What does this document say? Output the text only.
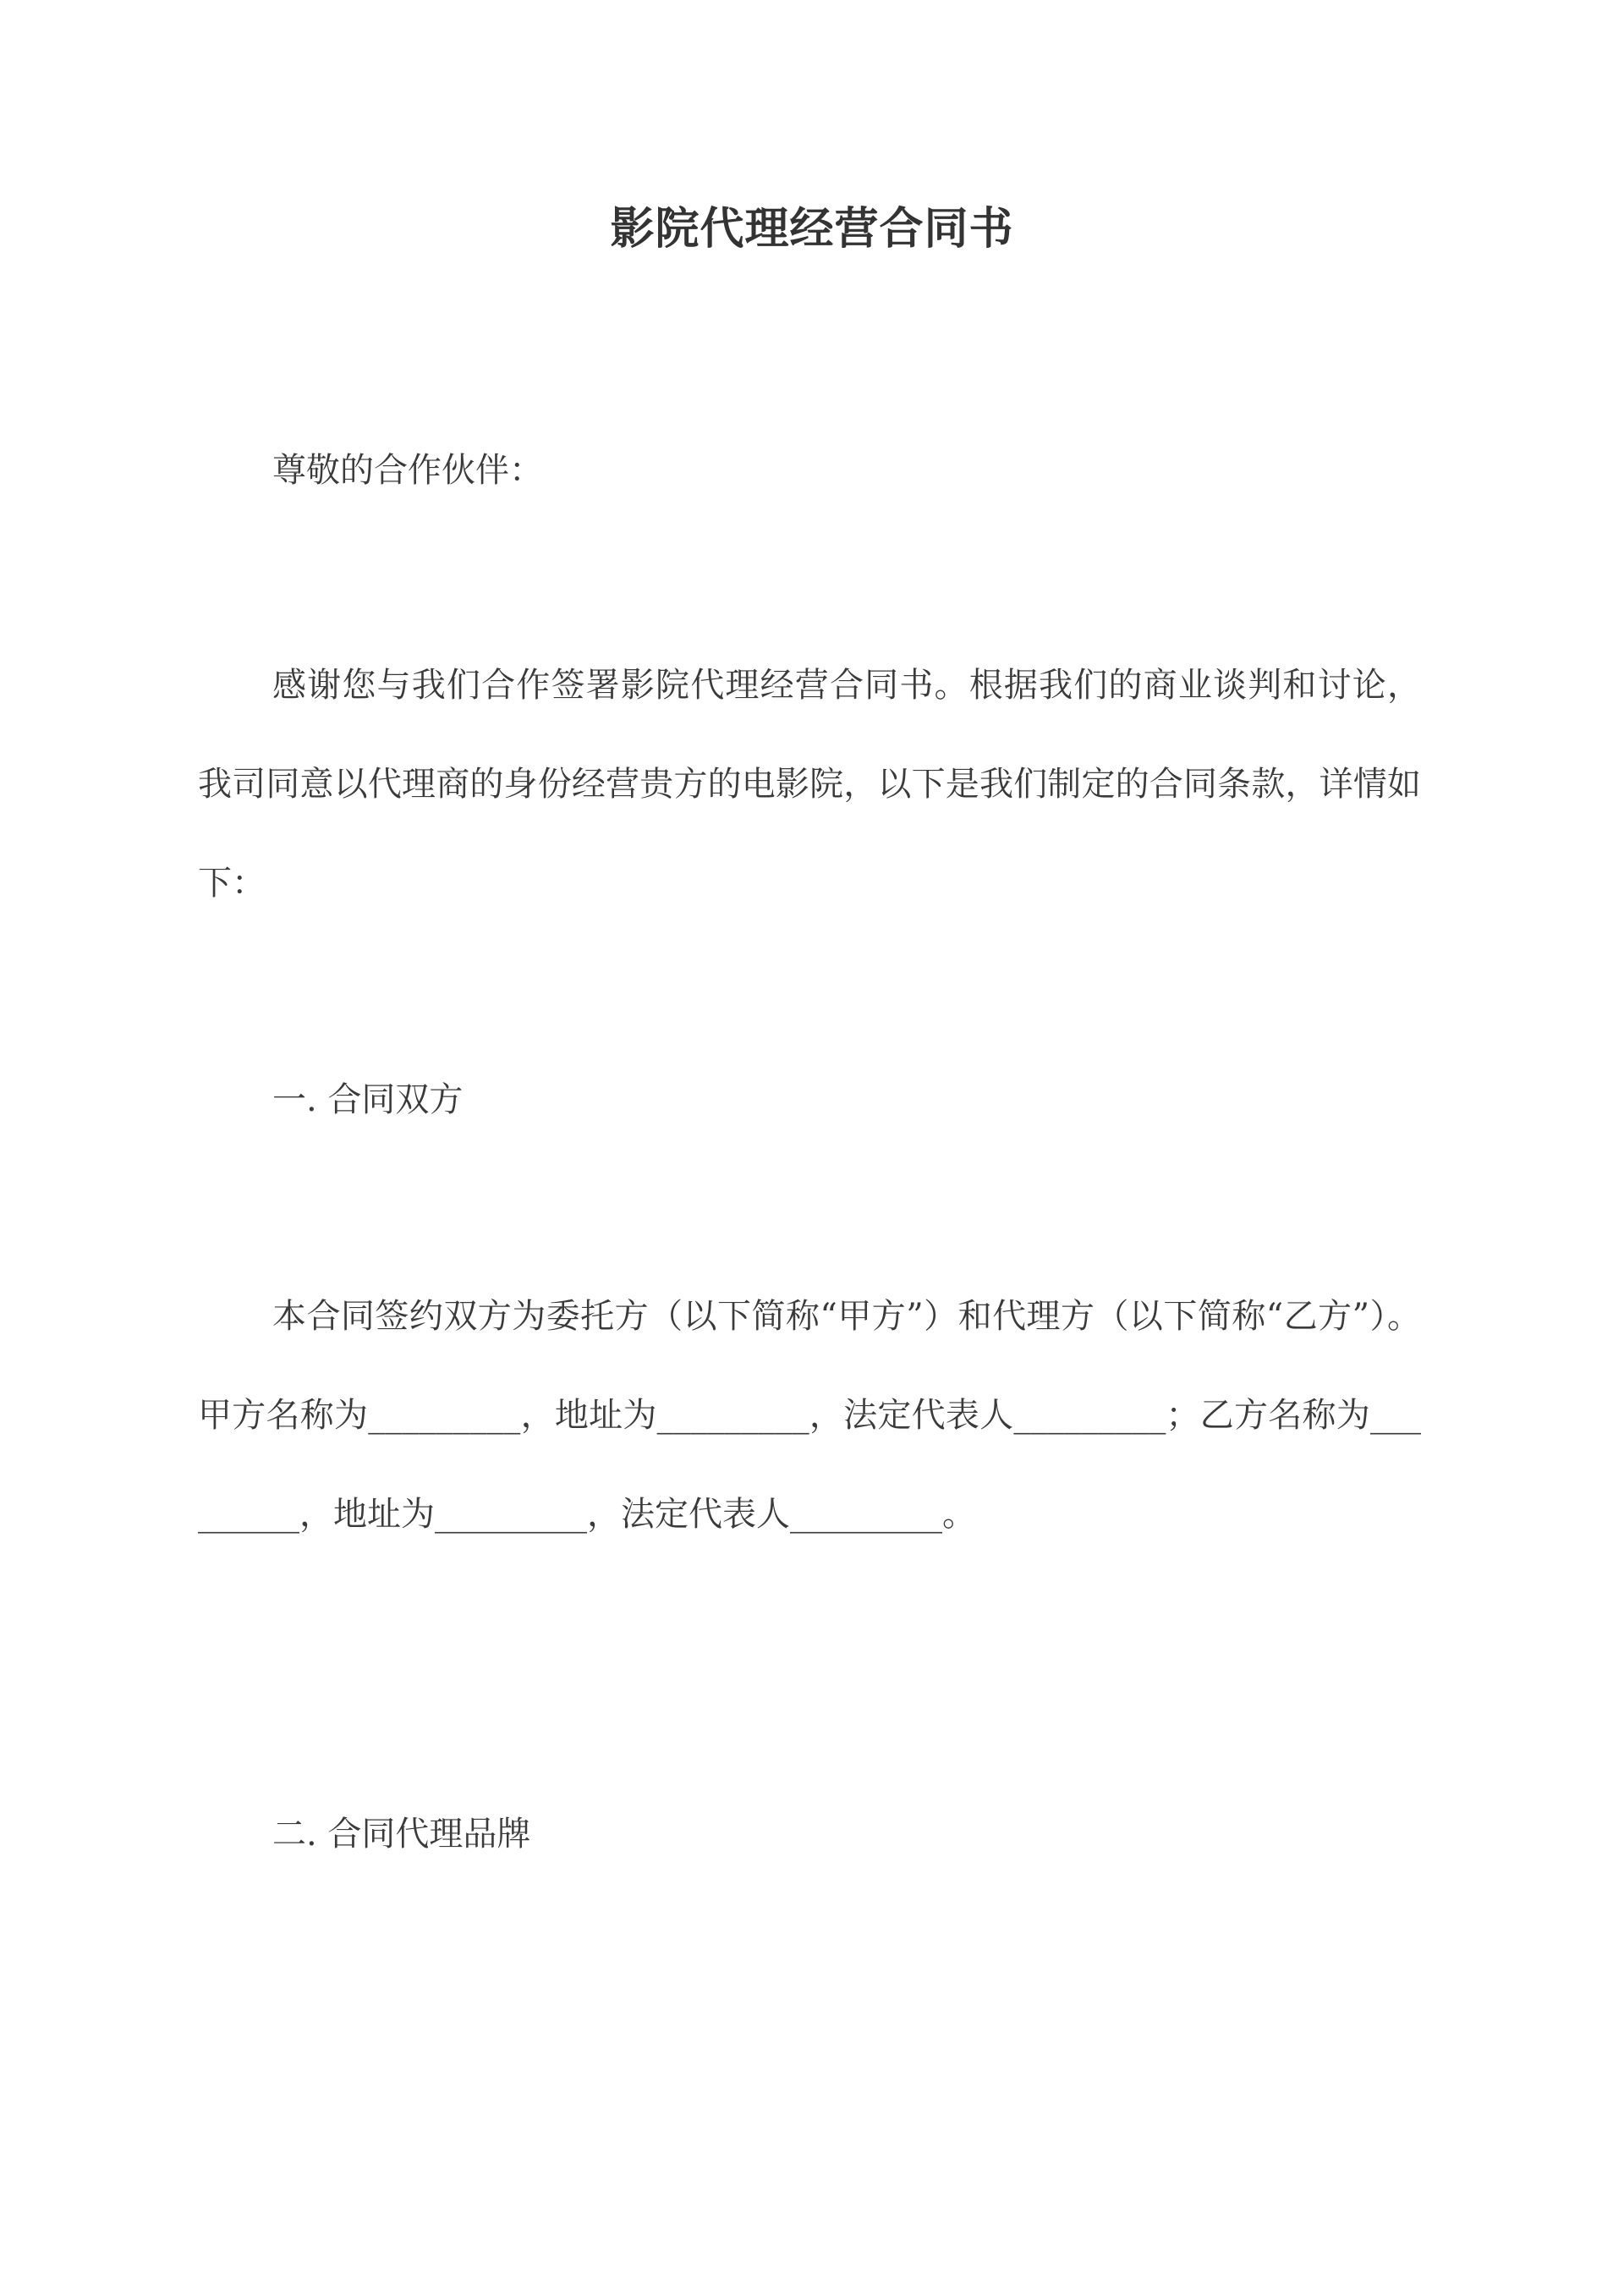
影院代理经营合同书

尊敬的合作伙伴：

感谢您与我们合作签署影院代理经营合同书。根据我们的商业谈判和讨论，我司同意以代理商的身份经营贵方的电影院，以下是我们制定的合同条款，详情如下：

一. 合同双方

本合同签约双方为委托方（以下简称“甲方”）和代理方（以下简称“乙方”）。甲方名称为_________，地址为_________，法定代表人_________；乙方名称为_________，地址为_________，法定代表人_________。

二. 合同代理品牌
